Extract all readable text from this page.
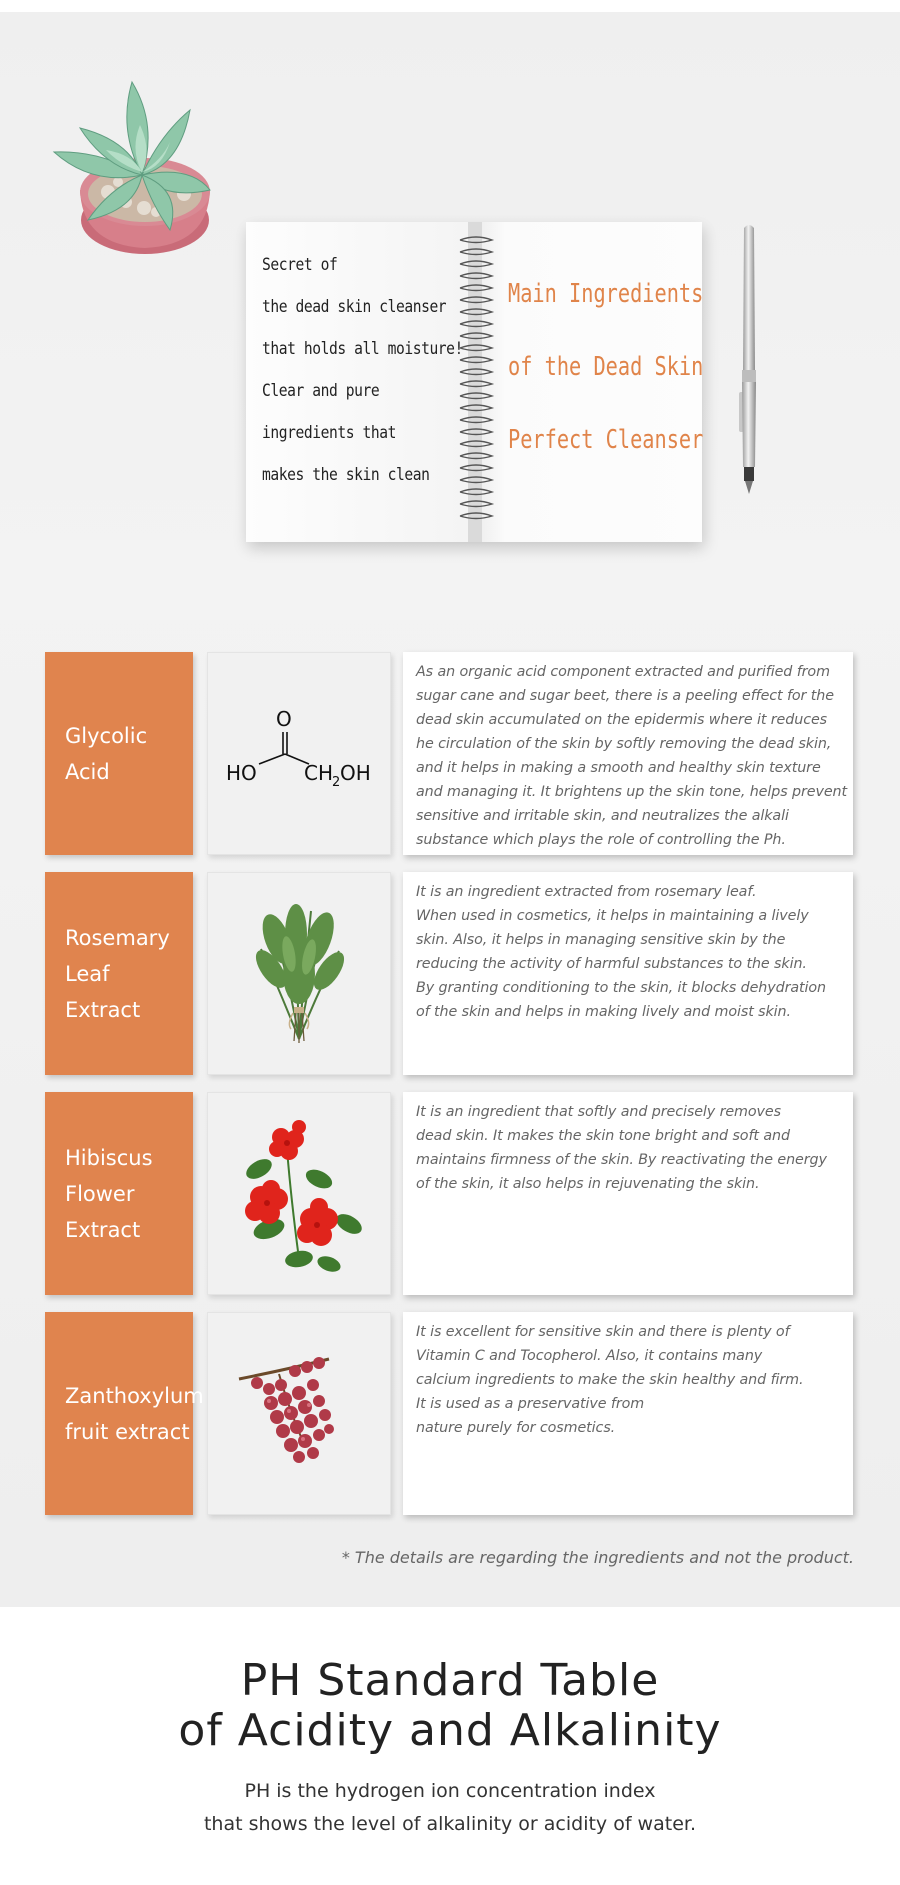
Secret of
the dead skin cleanser
that holds all moisture!
Clear and pure
ingredients that
makes the skin clean
Main Ingredients
of the Dead Skin
Perfect Cleanser
Glycolic
Acid
O
HO CH
2 OH

As an organic acid component extracted and purified from
sugar cane and sugar beet, there is a peeling effect for the
dead skin accumulated on the epidermis where it reduces
he circulation of the skin by softly removing the dead skin,
and it helps in making a smooth and healthy skin texture
and managing it. It brightens up the skin tone, helps prevent
sensitive and irritable skin, and neutralizes the alkali
substance which plays the role of controlling the Ph.

Rosemary
Leaf
Extract

It is an ingredient extracted from rosemary leaf.
When used in cosmetics, it helps in maintaining a lively
skin. Also, it helps in managing sensitive skin by the
reducing the activity of harmful substances to the skin.
By granting conditioning to the skin, it blocks dehydration
of the skin and helps in making lively and moist skin.

Hibiscus
Flower
Extract

It is an ingredient that softly and precisely removes
dead skin. It makes the skin tone bright and soft and
maintains firmness of the skin. By reactivating the energy
of the skin, it also helps in rejuvenating the skin.

Zanthoxylum
fruit extract

It is excellent for sensitive skin and there is plenty of
Vitamin C and Tocopherol. Also, it contains many
calcium ingredients to make the skin healthy and firm.
It is used as a preservative from
nature purely for cosmetics.

* The details are regarding the ingredients and not the product.
PH Standard Table
of Acidity and Alkalinity
PH is the hydrogen ion concentration index
that shows the level of alkalinity or acidity of water.
